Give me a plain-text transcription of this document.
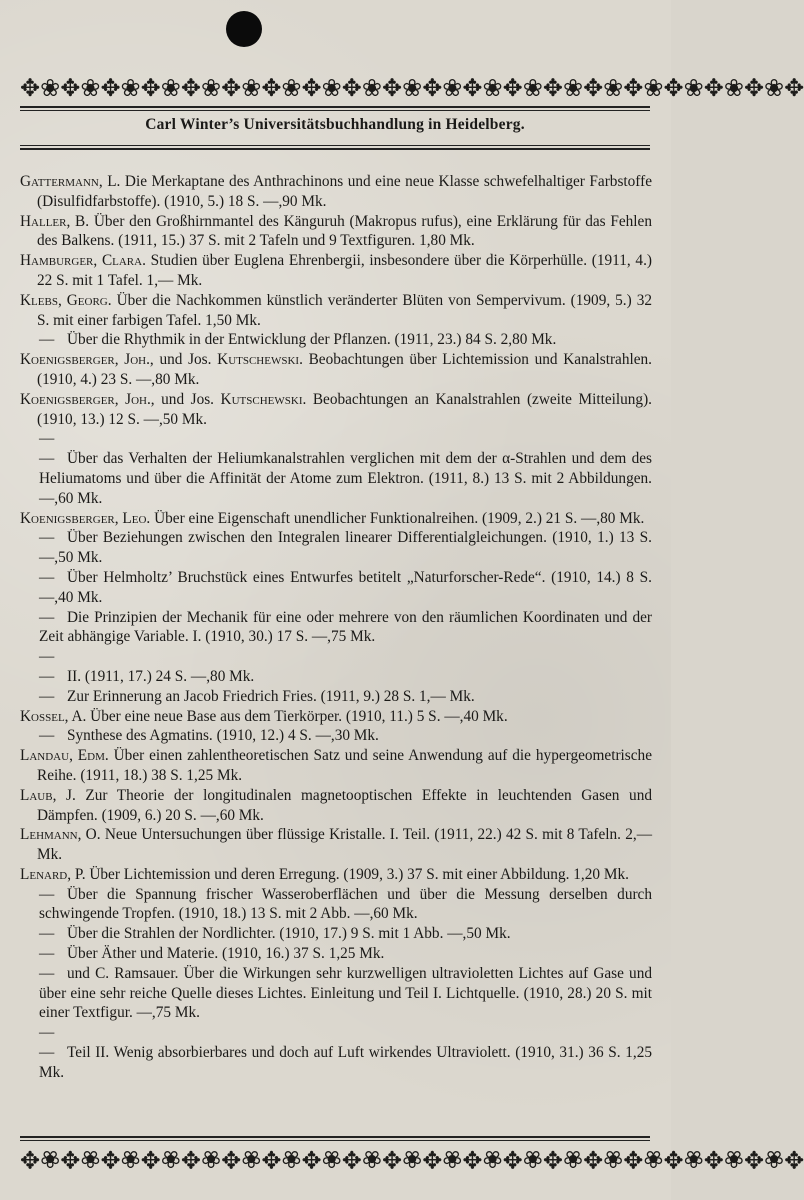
✥❀✥❀✥❀✥❀✥❀✥❀✥❀✥❀✥❀✥❀✥❀✥❀✥❀✥❀✥❀✥❀✥❀✥❀✥❀✥
Carl Winter’s Universitätsbuchhandlung in Heidelberg.
Gattermann, L. Die Merkaptane des Anthrachinons und eine neue Klasse schwefelhaltiger Farbstoffe (Disulfidfarbstoffe). (1910, 5.) 18 S. —,90 Mk.
Haller, B. Über den Großhirnmantel des Känguruh (Makropus rufus), eine Erklärung für das Fehlen des Balkens. (1911, 15.) 37 S. mit 2 Tafeln und 9 Textfiguren. 1,80 Mk.
Hamburger, Clara. Studien über Euglena Ehrenbergii, insbesondere über die Körperhülle. (1911, 4.) 22 S. mit 1 Tafel. 1,— Mk.
Klebs, Georg. Über die Nachkommen künstlich veränderter Blüten von Sempervivum. (1909, 5.) 32 S. mit einer farbigen Tafel. 1,50 Mk.
— Über die Rhythmik in der Entwicklung der Pflanzen. (1911, 23.) 84 S. 2,80 Mk.
Koenigsberger, Joh., und Jos. Kutschewski. Beobachtungen über Lichtemission und Kanalstrahlen. (1910, 4.) 23 S. —,80 Mk.
Koenigsberger, Joh., und Jos. Kutschewski. Beobachtungen an Kanalstrahlen (zweite Mitteilung). (1910, 13.) 12 S. —,50 Mk.
— — Über das Verhalten der Heliumkanalstrahlen verglichen mit dem der α-Strahlen und dem des Heliumatoms und über die Affinität der Atome zum Elektron. (1911, 8.) 13 S. mit 2 Abbildungen. —,60 Mk.
Koenigsberger, Leo. Über eine Eigenschaft unendlicher Funktionalreihen. (1909, 2.) 21 S. —,80 Mk.
— Über Beziehungen zwischen den Integralen linearer Differentialgleichungen. (1910, 1.) 13 S. —,50 Mk.
— Über Helmholtz’ Bruchstück eines Entwurfes betitelt „Naturforscher-Rede“. (1910, 14.) 8 S. —,40 Mk.
— Die Prinzipien der Mechanik für eine oder mehrere von den räumlichen Koordinaten und der Zeit abhängige Variable. I. (1910, 30.) 17 S. —,75 Mk.
— — II. (1911, 17.) 24 S. —,80 Mk.
— Zur Erinnerung an Jacob Friedrich Fries. (1911, 9.) 28 S. 1,— Mk.
Kossel, A. Über eine neue Base aus dem Tierkörper. (1910, 11.) 5 S. —,40 Mk.
— Synthese des Agmatins. (1910, 12.) 4 S. —,30 Mk.
Landau, Edm. Über einen zahlentheoretischen Satz und seine Anwendung auf die hypergeometrische Reihe. (1911, 18.) 38 S. 1,25 Mk.
Laub, J. Zur Theorie der longitudinalen magnetooptischen Effekte in leuchtenden Gasen und Dämpfen. (1909, 6.) 20 S. —,60 Mk.
Lehmann, O. Neue Untersuchungen über flüssige Kristalle. I. Teil. (1911, 22.) 42 S. mit 8 Tafeln. 2,— Mk.
Lenard, P. Über Lichtemission und deren Erregung. (1909, 3.) 37 S. mit einer Abbildung. 1,20 Mk.
— Über die Spannung frischer Wasseroberflächen und über die Messung derselben durch schwingende Tropfen. (1910, 18.) 13 S. mit 2 Abb. —,60 Mk.
— Über die Strahlen der Nordlichter. (1910, 17.) 9 S. mit 1 Abb. —,50 Mk.
— Über Äther und Materie. (1910, 16.) 37 S. 1,25 Mk.
— und C. Ramsauer. Über die Wirkungen sehr kurzwelligen ultravioletten Lichtes auf Gase und über eine sehr reiche Quelle dieses Lichtes. Einleitung und Teil I. Lichtquelle. (1910, 28.) 20 S. mit einer Textfigur. —,75 Mk.
— — Teil II. Wenig absorbierbares und doch auf Luft wirkendes Ultraviolett. (1910, 31.) 36 S. 1,25 Mk.
✥❀✥❀✥❀✥❀✥❀✥❀✥❀✥❀✥❀✥❀✥❀✥❀✥❀✥❀✥❀✥❀✥❀✥❀✥❀✥
